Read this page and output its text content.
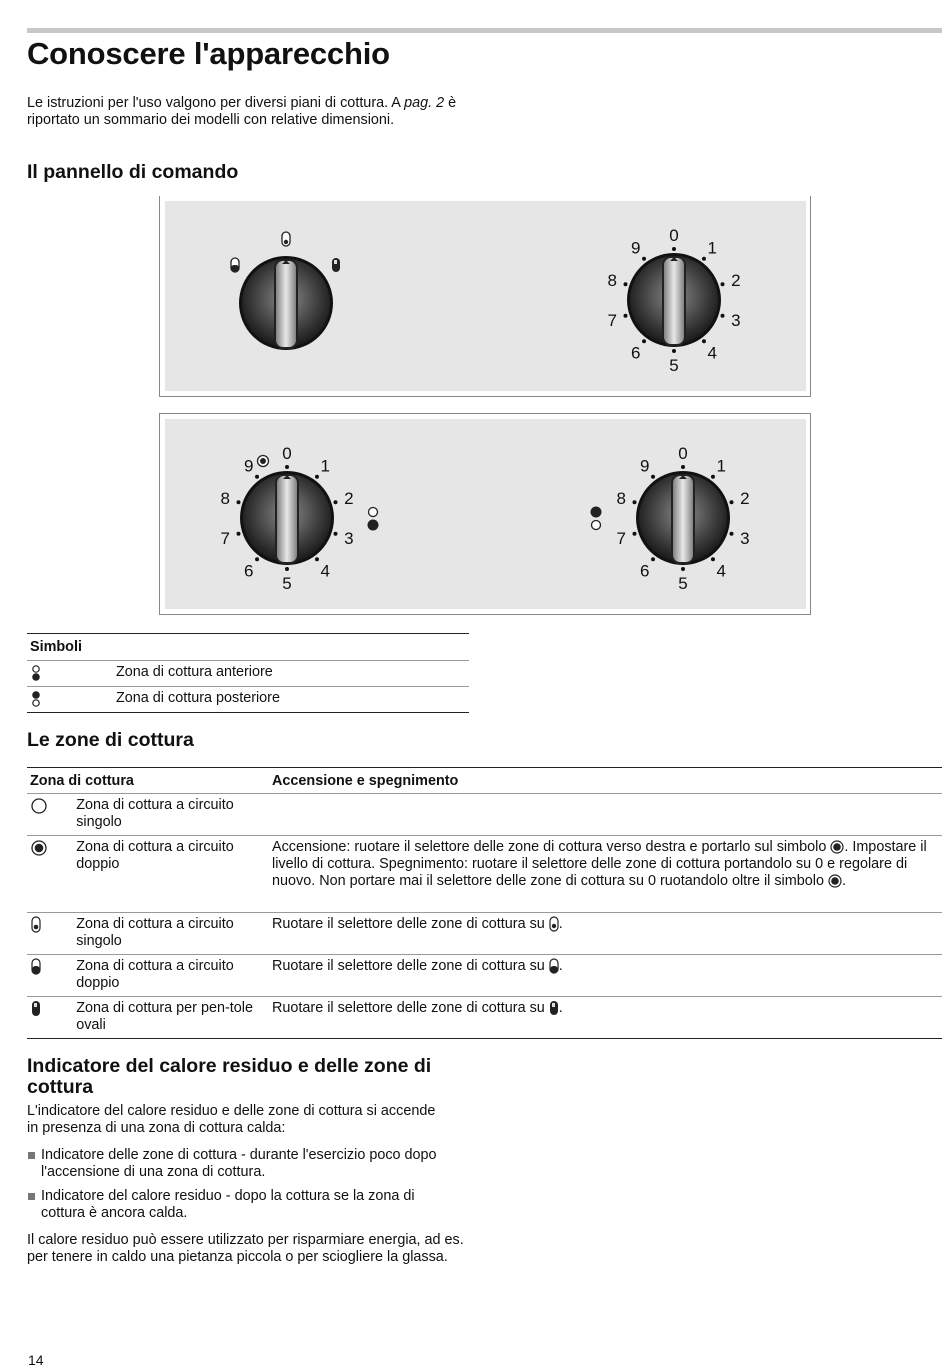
Conoscere l'apparecchio

Le istruzioni per l'uso valgono per diversi piani di cottura. A pag. 2 è riportato un sommario dei modelli con relative dimensioni.

Il pannello di comando
0
1
2
3
4
5
6
7
8
9
0
1
2
3
4
5
6
7
8
9
0
1
2
3
4
5
6
7
8
9
Simboli	
	Zona di cottura anteriore
	Zona di cottura posteriore
Le zone di cottura
Zona di cottura		Accensione e spegnimento
	Zona di cottura a circuito singolo	
	Zona di cottura a circuito doppio	Accensione: ruotare il selettore delle zone di cottura verso destra e portarlo sul simbolo . Impostare il livello di cottura. Spegnimento: ruotare il selettore delle zone di cottura portandolo su 0 e regolare di nuovo. Non portare mai il selettore delle zone di cottura su 0 ruotandolo oltre il simbolo .
	Zona di cottura a circuito singolo	Ruotare il selettore delle zone di cottura su .
	Zona di cottura a circuito doppio	Ruotare il selettore delle zone di cottura su .
	Zona di cottura per pen-tole ovali	Ruotare il selettore delle zone di cottura su .
Indicatore del calore residuo e delle zone di cottura

L'indicatore del calore residuo e delle zone di cottura si accende in presenza di una zona di cottura calda:

Indicatore delle zone di cottura - durante l'esercizio poco dopo l'accensione di una zona di cottura.
Indicatore del calore residuo - dopo la cottura se la zona di cottura è ancora calda.

Il calore residuo può essere utilizzato per risparmiare energia, ad es. per tenere in caldo una pietanza piccola o per sciogliere la glassa.

14
